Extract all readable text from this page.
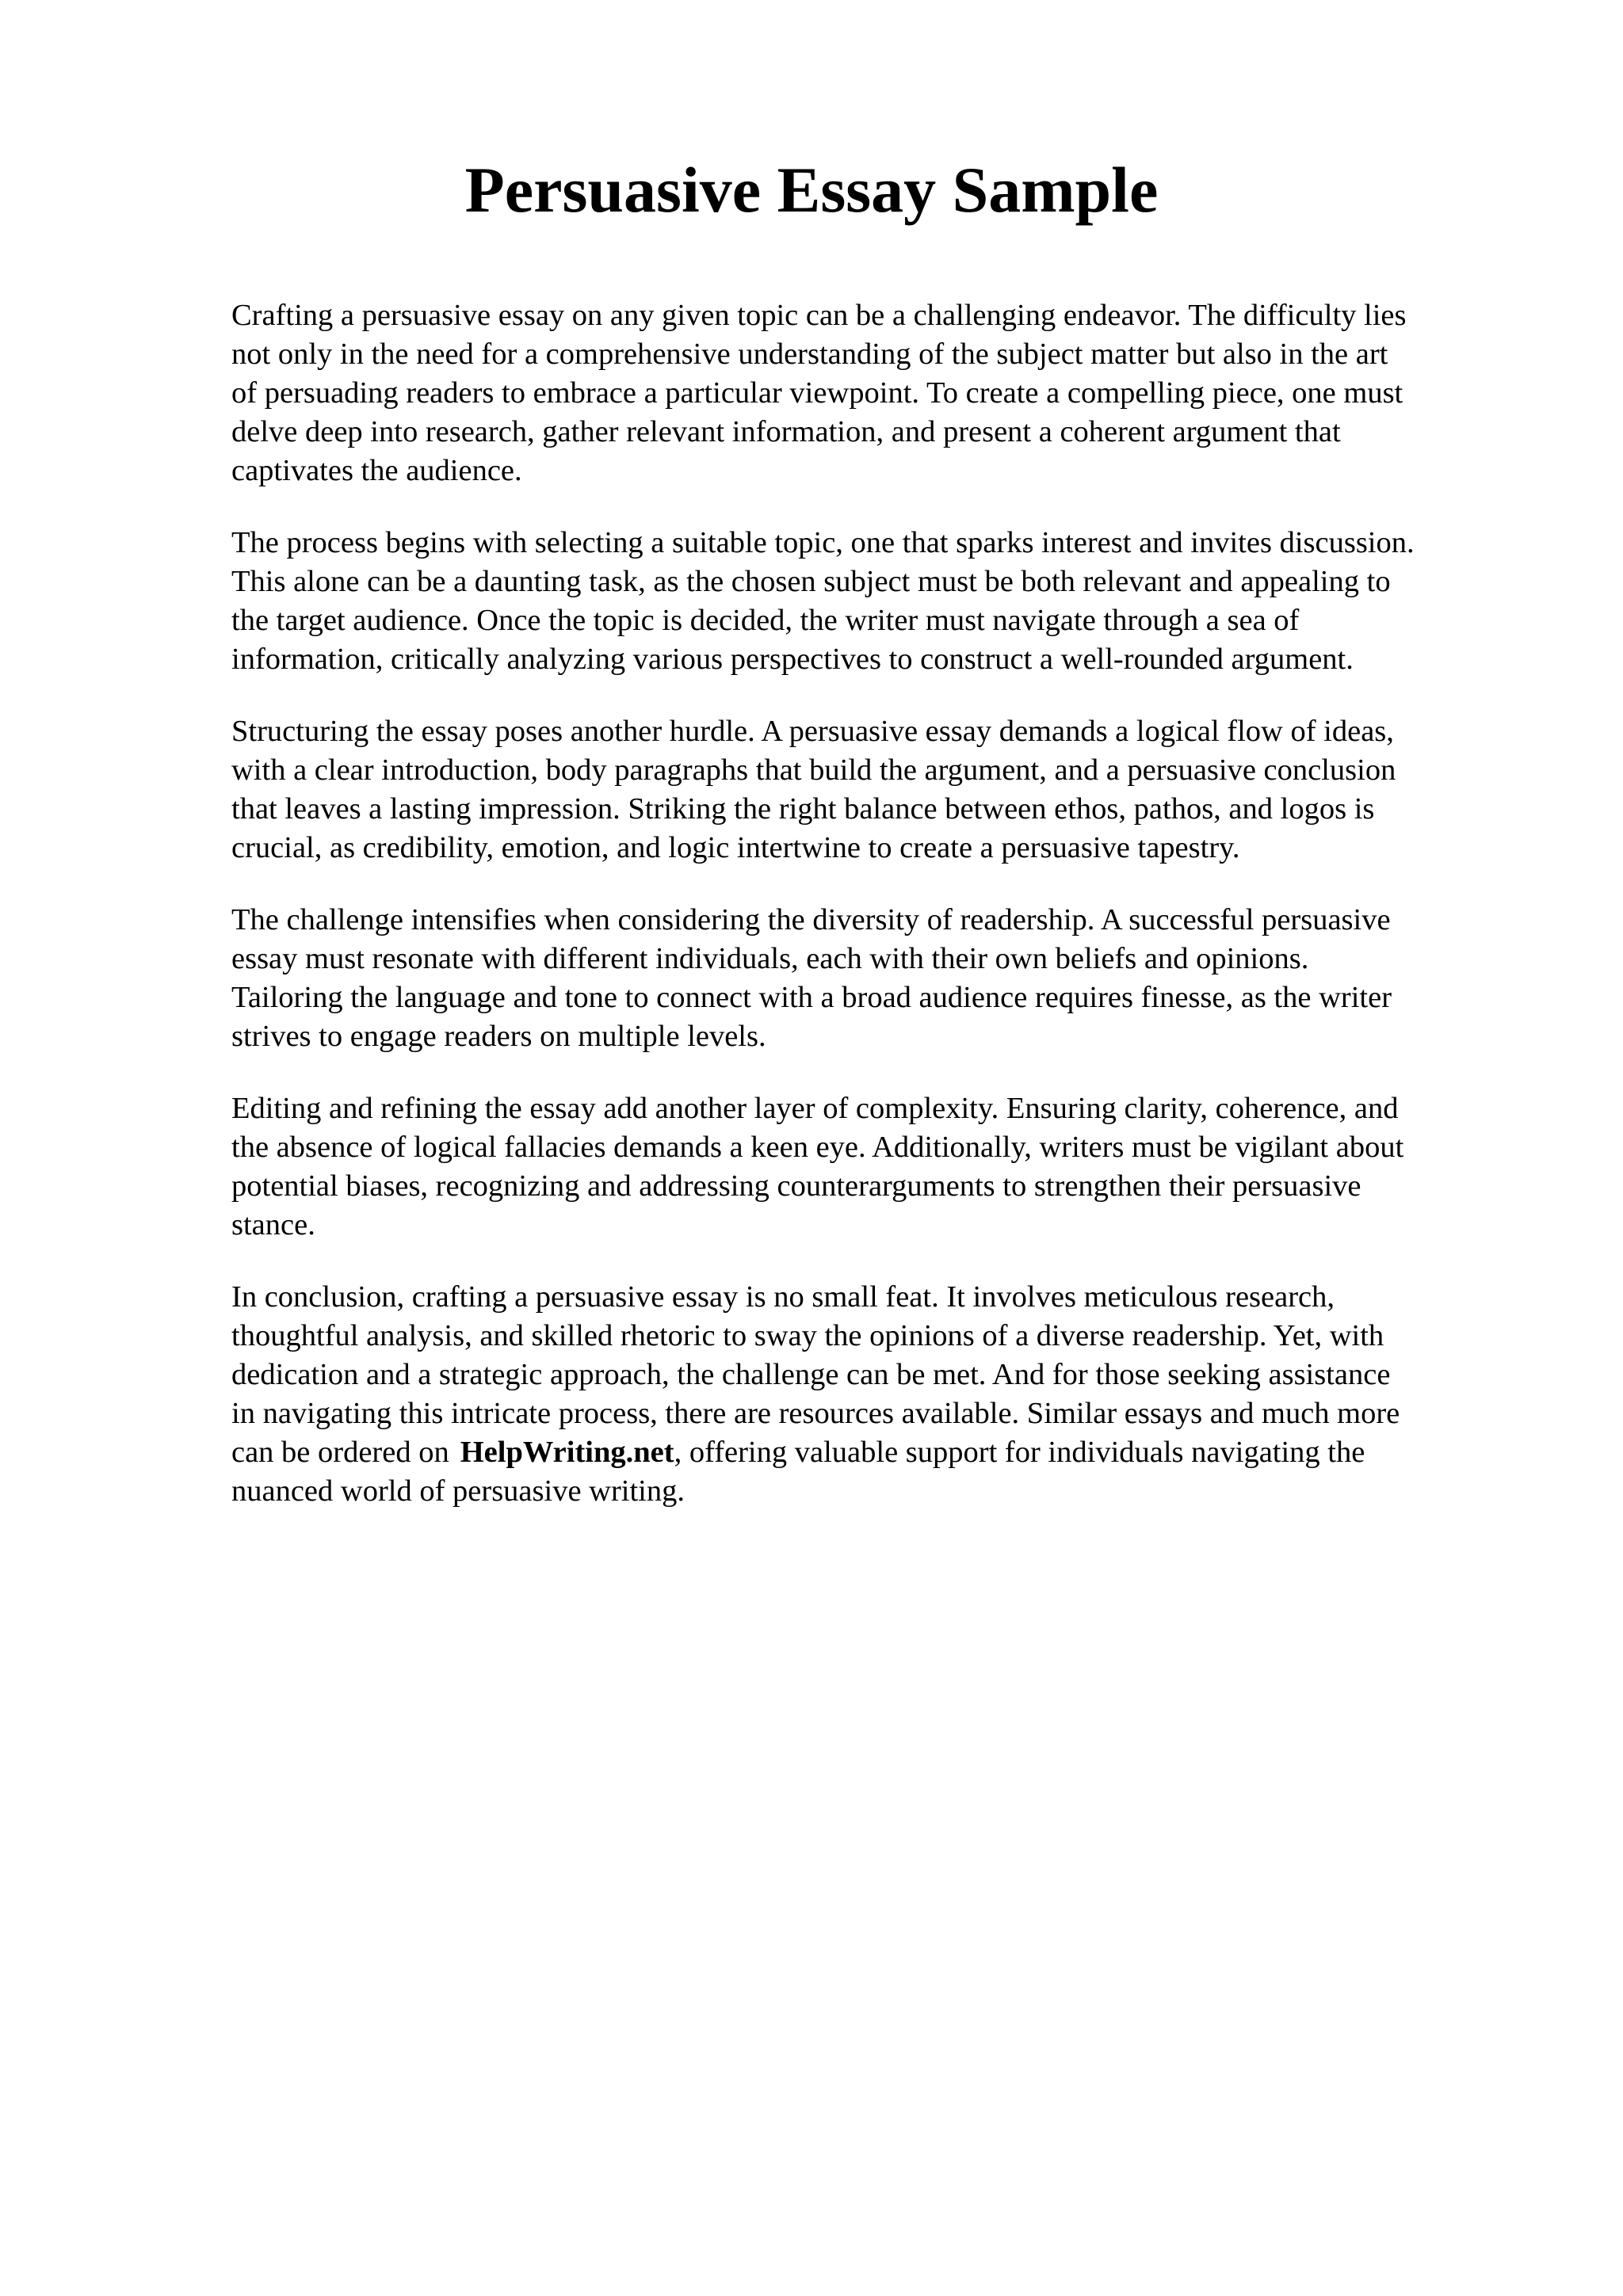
Persuasive Essay Sample

Crafting a persuasive essay on any given topic can be a challenging endeavor. The difficulty lies
not only in the need for a comprehensive understanding of the subject matter but also in the art
of persuading readers to embrace a particular viewpoint. To create a compelling piece, one must
delve deep into research, gather relevant information, and present a coherent argument that
captivates the audience.

The process begins with selecting a suitable topic, one that sparks interest and invites discussion.
This alone can be a daunting task, as the chosen subject must be both relevant and appealing to
the target audience. Once the topic is decided, the writer must navigate through a sea of
information, critically analyzing various perspectives to construct a well-rounded argument.

Structuring the essay poses another hurdle. A persuasive essay demands a logical flow of ideas,
with a clear introduction, body paragraphs that build the argument, and a persuasive conclusion
that leaves a lasting impression. Striking the right balance between ethos, pathos, and logos is
crucial, as credibility, emotion, and logic intertwine to create a persuasive tapestry.

The challenge intensifies when considering the diversity of readership. A successful persuasive
essay must resonate with different individuals, each with their own beliefs and opinions.
Tailoring the language and tone to connect with a broad audience requires finesse, as the writer
strives to engage readers on multiple levels.

Editing and refining the essay add another layer of complexity. Ensuring clarity, coherence, and
the absence of logical fallacies demands a keen eye. Additionally, writers must be vigilant about
potential biases, recognizing and addressing counterarguments to strengthen their persuasive
stance.

In conclusion, crafting a persuasive essay is no small feat. It involves meticulous research,
thoughtful analysis, and skilled rhetoric to sway the opinions of a diverse readership. Yet, with
dedication and a strategic approach, the challenge can be met. And for those seeking assistance
in navigating this intricate process, there are resources available. Similar essays and much more
can be ordered on HelpWriting.net, offering valuable support for individuals navigating the
nuanced world of persuasive writing.
